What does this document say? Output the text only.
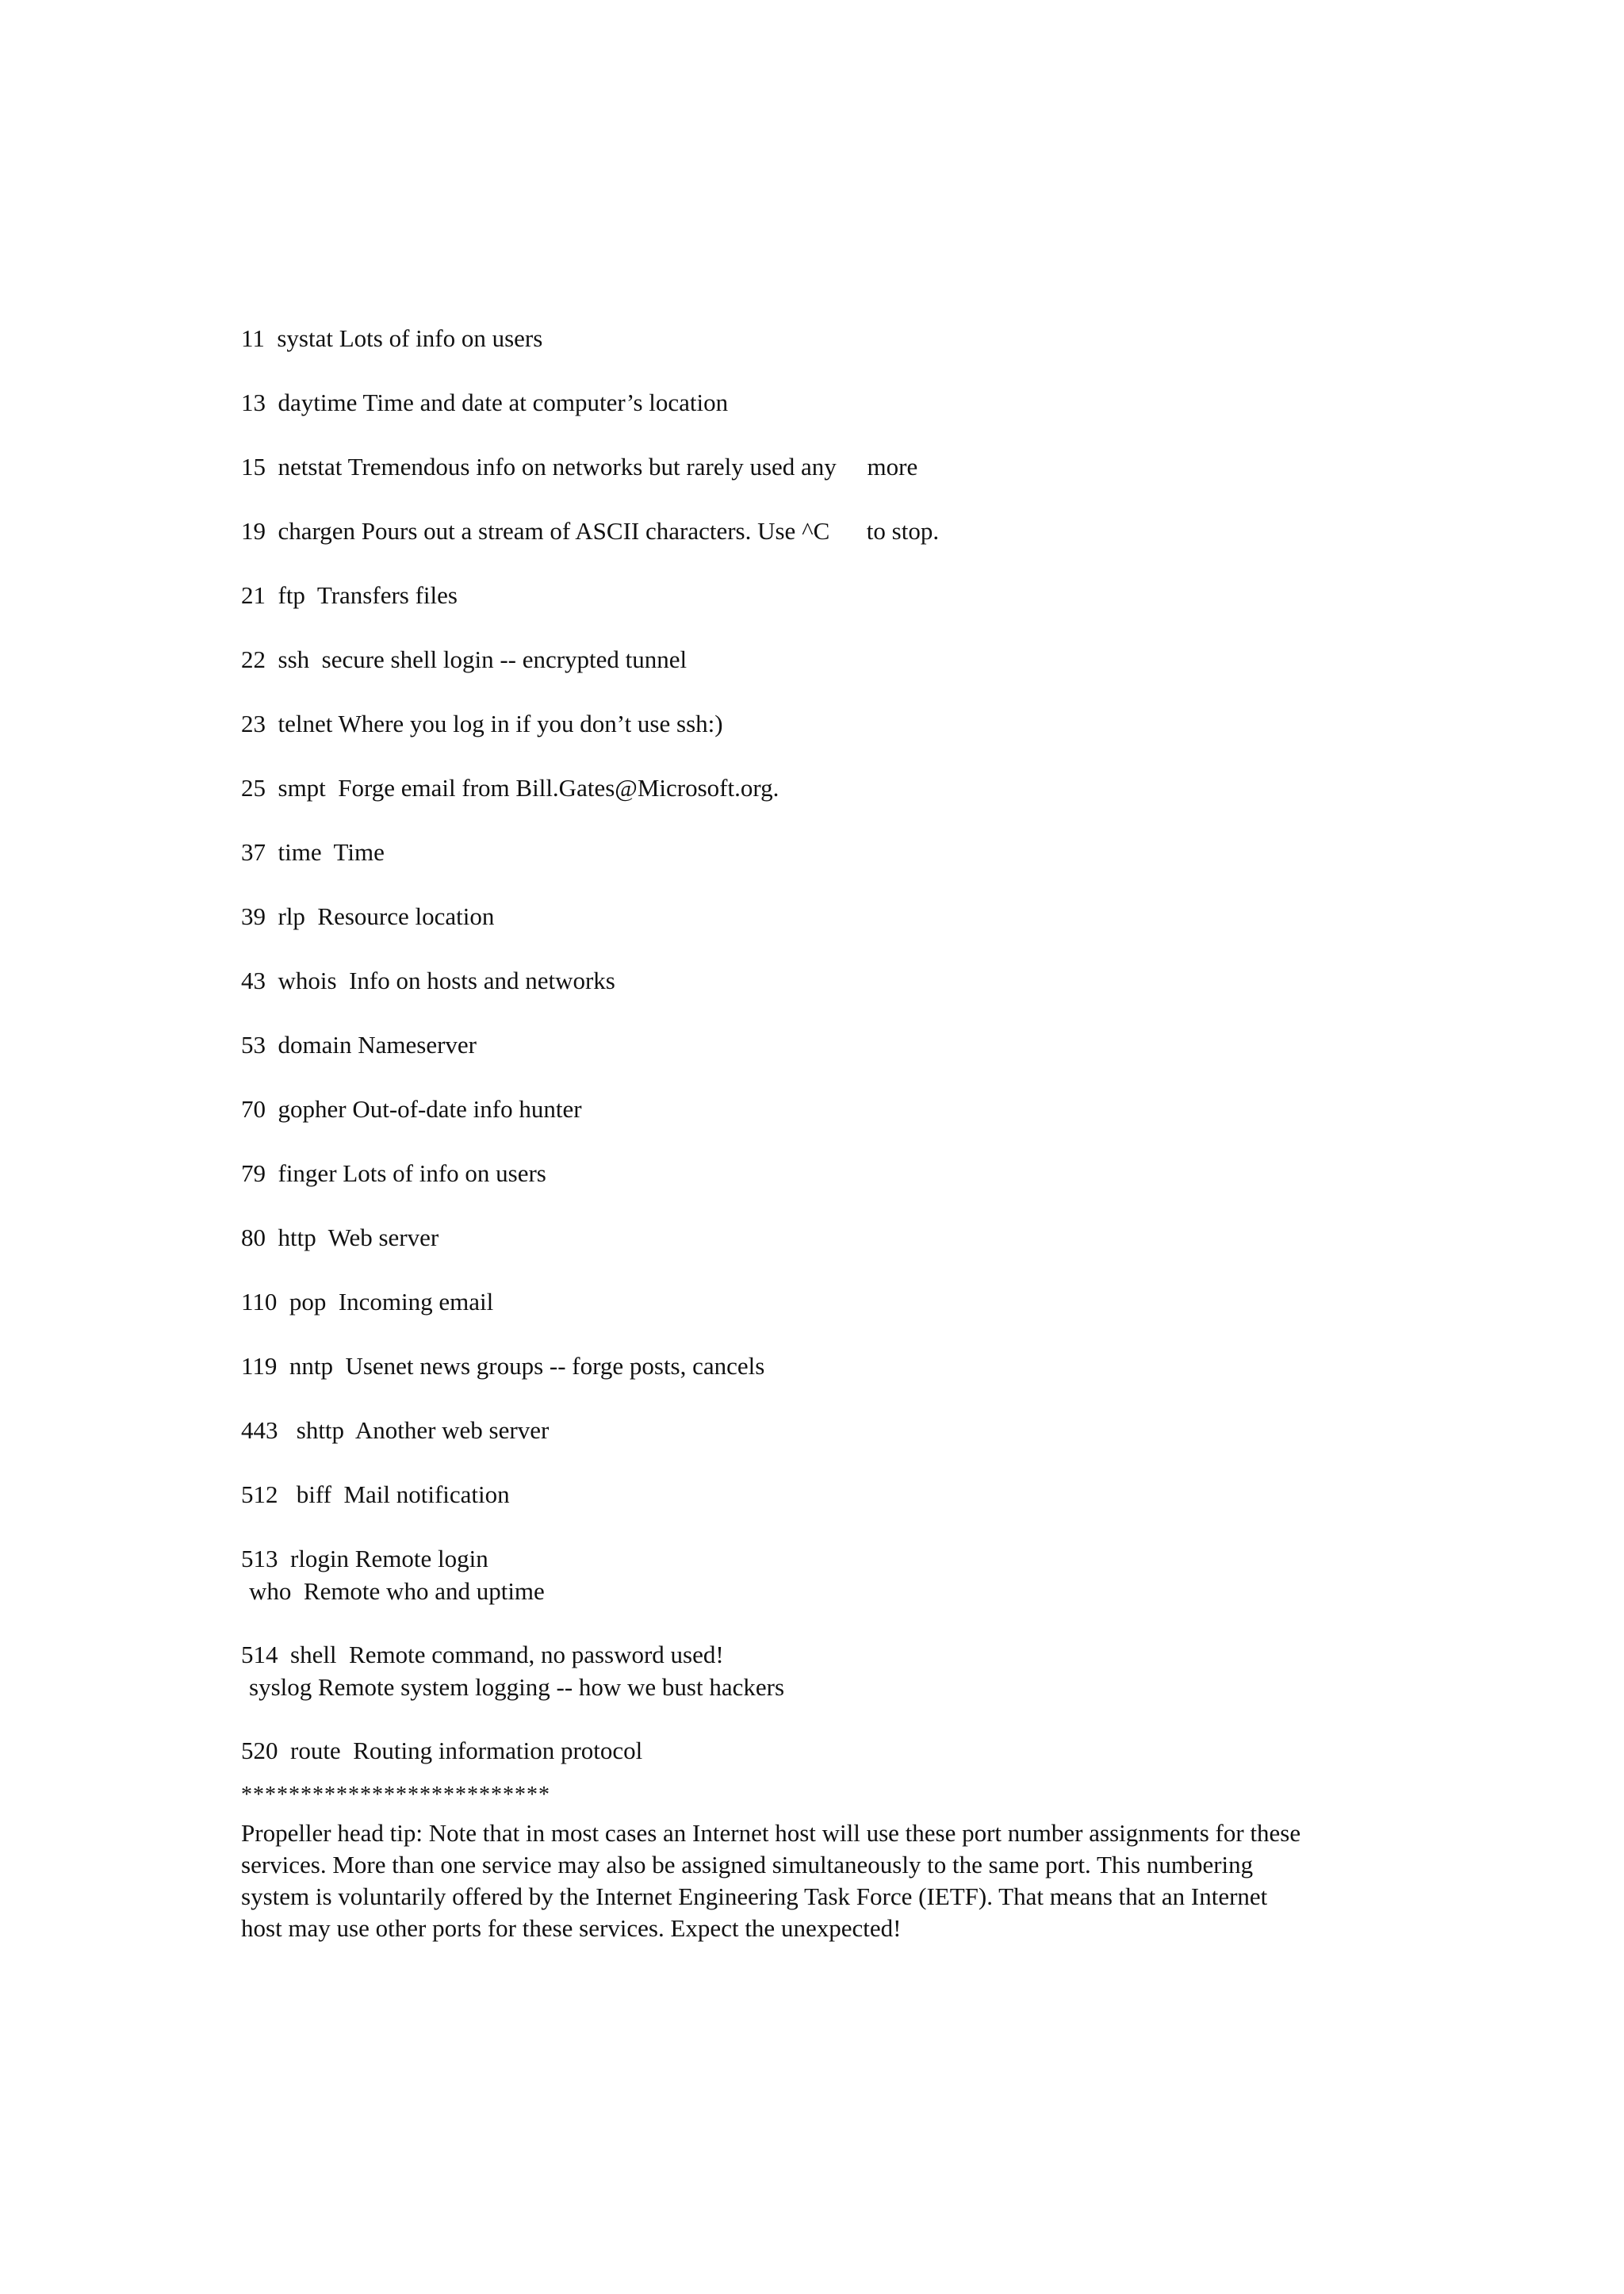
11  systat Lots of info on users
13  daytime Time and date at computer’s location
15  netstat Tremendous info on networks but rarely used any     more
19  chargen Pours out a stream of ASCII characters. Use ^C      to stop.
21  ftp  Transfers files
22  ssh  secure shell login -- encrypted tunnel
23  telnet Where you log in if you don’t use ssh:)
25  smpt  Forge email from Bill.Gates@Microsoft.org.
37  time  Time
39  rlp  Resource location
43  whois  Info on hosts and networks
53  domain Nameserver
70  gopher Out-of-date info hunter
79  finger Lots of info on users
80  http  Web server
110  pop  Incoming email
119  nntp  Usenet news groups -- forge posts, cancels
443   shttp  Another web server
512   biff  Mail notification
513  rlogin Remote login
who  Remote who and uptime
514  shell  Remote command, no password used!
syslog Remote system logging -- how we bust hackers
520  route  Routing information protocol
**************************
Propeller head tip: Note that in most cases an Internet host will use these port number assignments for these
services. More than one service may also be assigned simultaneously to the same port. This numbering
system is voluntarily offered by the Internet Engineering Task Force (IETF). That means that an Internet
host may use other ports for these services. Expect the unexpected!
